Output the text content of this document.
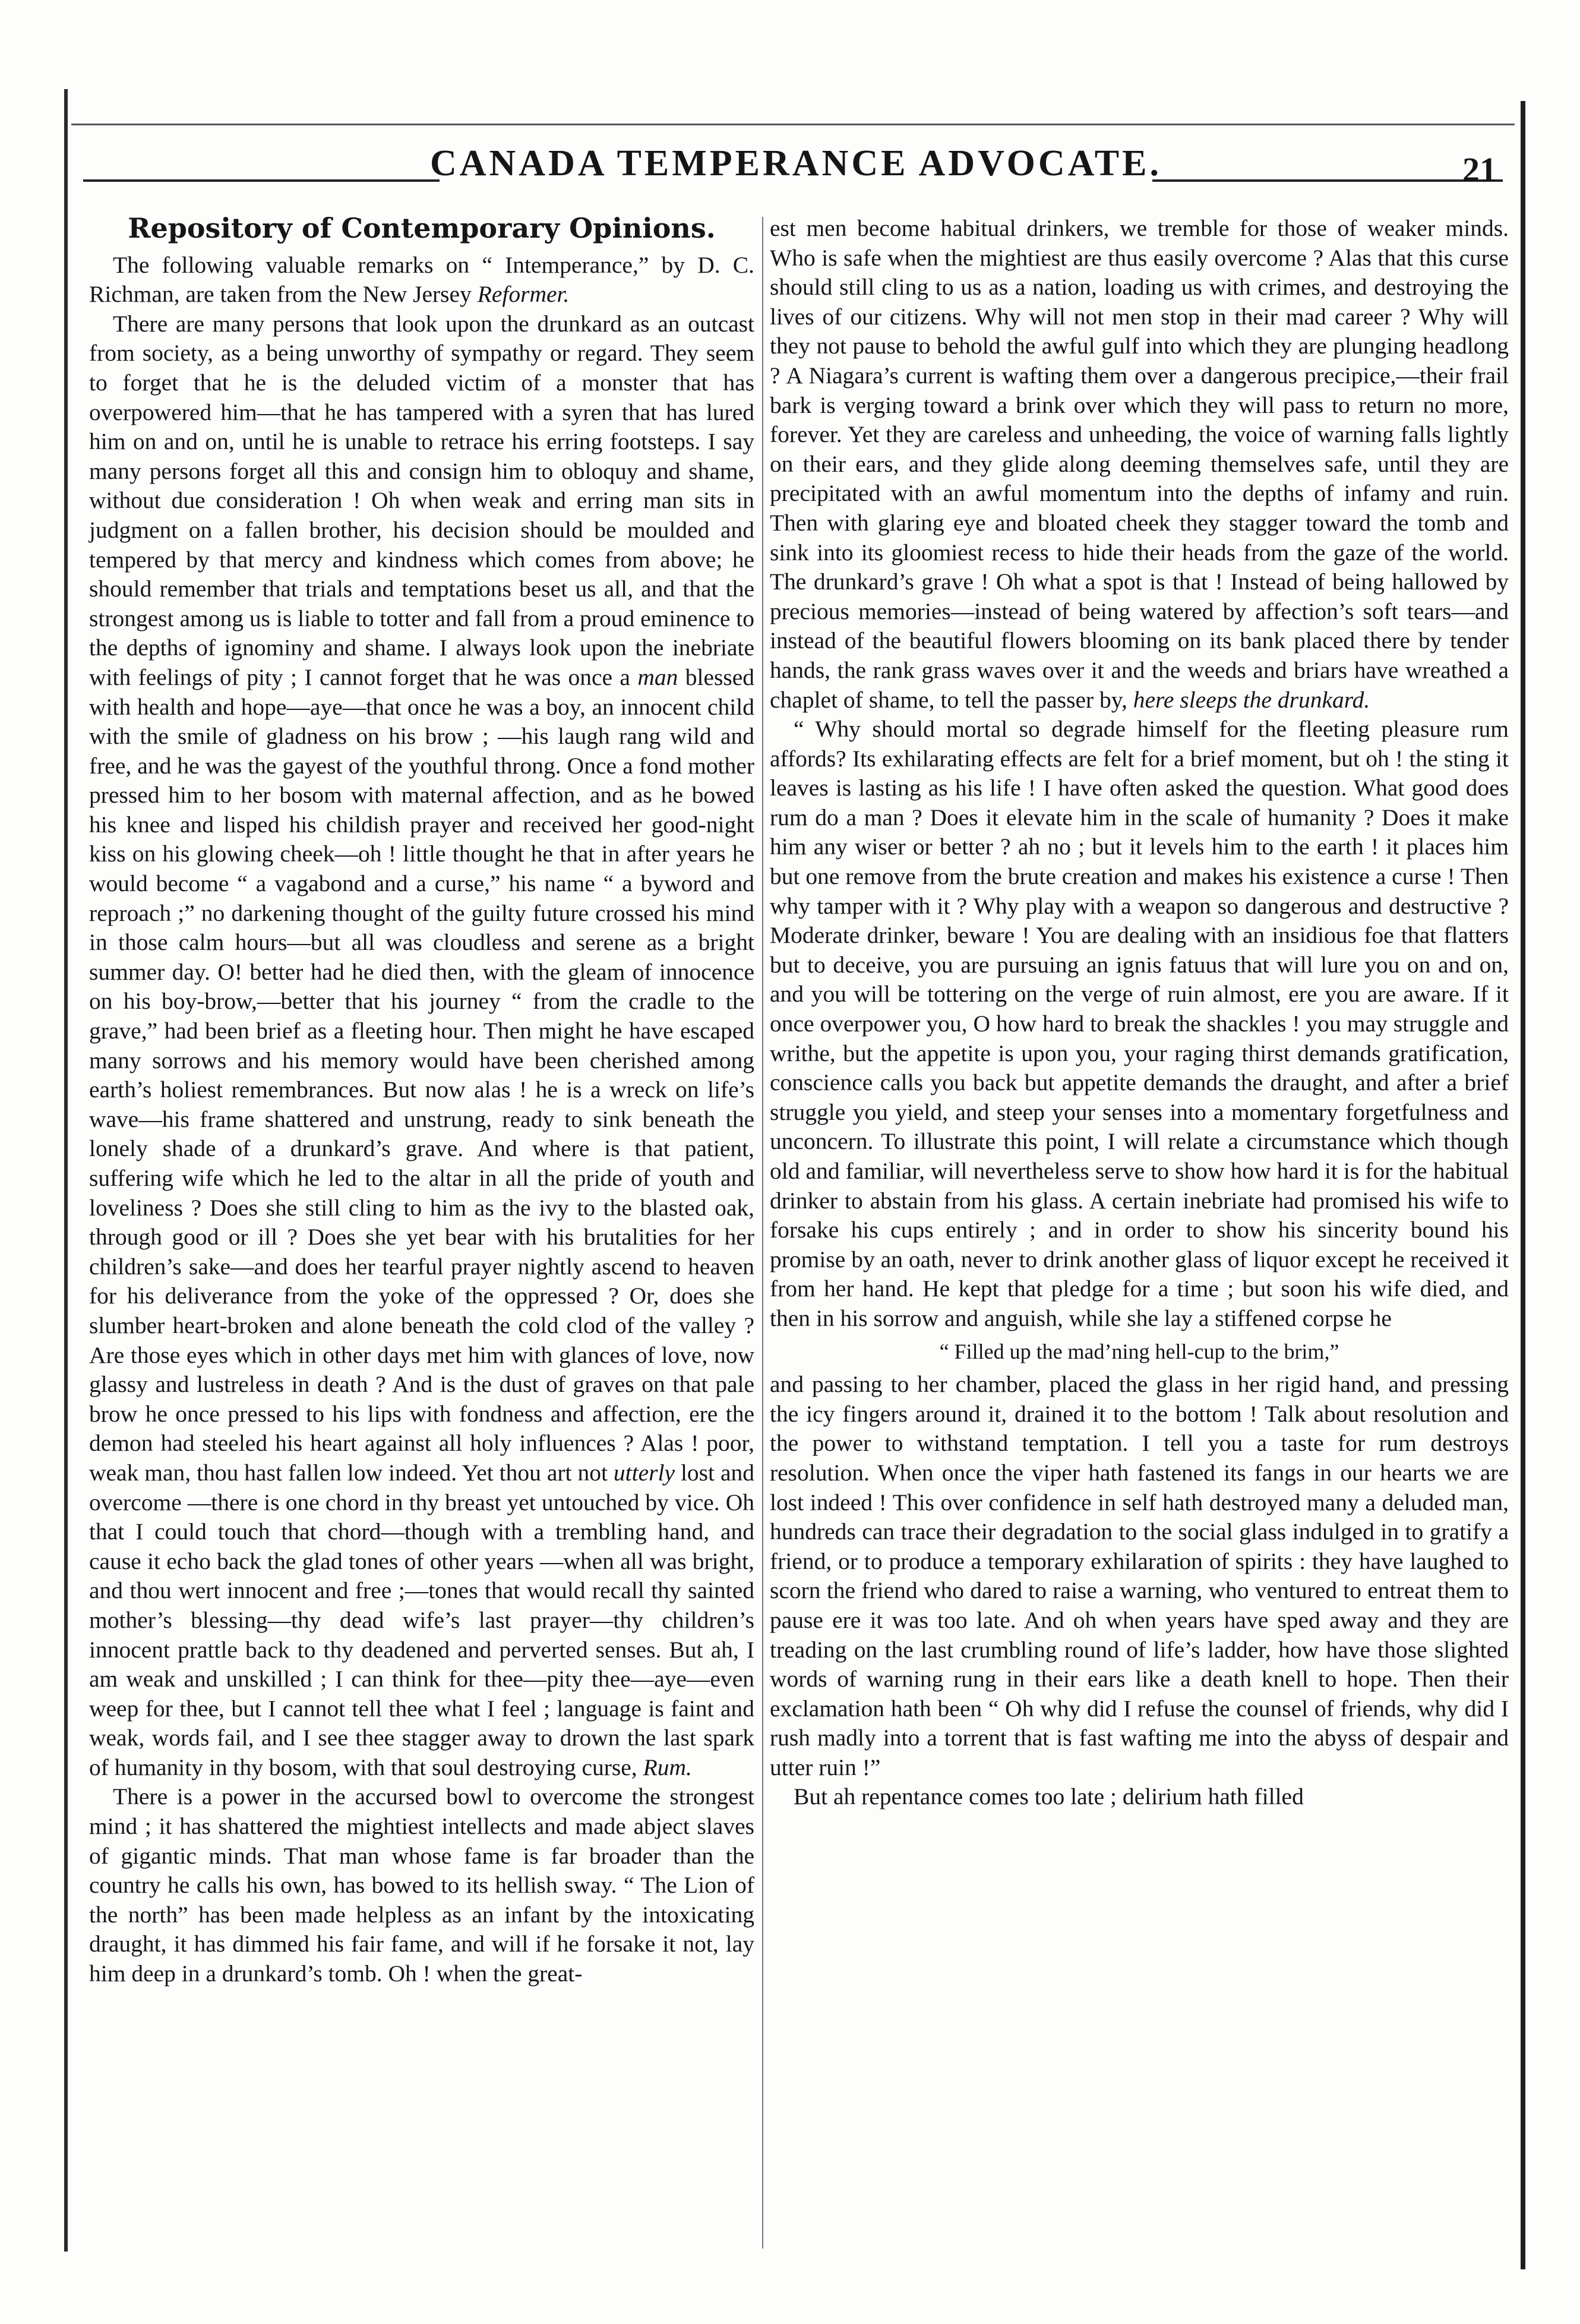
CANADA TEMPERANCE ADVOCATE.	21
Repository of Contemporary Opinions.

The following valuable remarks on “ Intemperance,” by D. C. Richman, are taken from the New Jersey Reformer.

There are many persons that look upon the drunkard as an outcast from society, as a being unworthy of sympathy or regard. They seem to forget that he is the deluded victim of a monster that has overpowered him—that he has tampered with a syren that has lured him on and on, until he is unable to retrace his erring footsteps. I say many persons forget all this and consign him to obloquy and shame, without due consideration ! Oh when weak and erring man sits in judgment on a fallen brother, his decision should be moulded and tempered by that mercy and kindness which comes from above; he should remember that trials and temptations beset us all, and that the strongest among us is liable to totter and fall from a proud eminence to the depths of ignominy and shame. I always look upon the inebriate with feelings of pity ; I cannot forget that he was once a man blessed with health and hope—aye—that once he was a boy, an innocent child with the smile of gladness on his brow ; —his laugh rang wild and free, and he was the gayest of the youthful throng. Once a fond mother pressed him to her bosom with maternal affection, and as he bowed his knee and lisped his childish prayer and received her good-night kiss on his glowing cheek—oh ! little thought he that in after years he would become “ a vagabond and a curse,” his name “ a byword and reproach ;” no darkening thought of the guilty future crossed his mind in those calm hours—but all was cloudless and serene as a bright summer day. O! better had he died then, with the gleam of innocence on his boy-brow,—better that his journey “ from the cradle to the grave,” had been brief as a fleeting hour. Then might he have escaped many sorrows and his memory would have been cherished among earth’s holiest remembrances. But now alas ! he is a wreck on life’s wave—his frame shattered and unstrung, ready to sink beneath the lonely shade of a drunkard’s grave. And where is that patient, suffering wife which he led to the altar in all the pride of youth and loveliness ? Does she still cling to him as the ivy to the blasted oak, through good or ill ? Does she yet bear with his brutalities for her children’s sake—and does her tearful prayer nightly ascend to heaven for his deliverance from the yoke of the oppressed ? Or, does she slumber heart-broken and alone beneath the cold clod of the valley ? Are those eyes which in other days met him with glances of love, now glassy and lustreless in death ? And is the dust of graves on that pale brow he once pressed to his lips with fondness and affection, ere the demon had steeled his heart against all holy influences ? Alas ! poor, weak man, thou hast fallen low indeed. Yet thou art not utterly lost and overcome —there is one chord in thy breast yet untouched by vice. Oh that I could touch that chord—though with a trembling hand, and cause it echo back the glad tones of other years —when all was bright, and thou wert innocent and free ;—tones that would recall thy sainted mother’s blessing—thy dead wife’s last prayer—thy children’s innocent prattle back to thy deadened and perverted senses. But ah, I am weak and unskilled ; I can think for thee—pity thee—aye—even weep for thee, but I cannot tell thee what I feel ; language is faint and weak, words fail, and I see thee stagger away to drown the last spark of humanity in thy bosom, with that soul destroying curse, Rum.

There is a power in the accursed bowl to overcome the strongest mind ; it has shattered the mightiest intellects and made abject slaves of gigantic minds. That man whose fame is far broader than the country he calls his own, has bowed to its hellish sway. “ The Lion of the north” has been made helpless as an infant by the intoxicating draught, it has dimmed his fair fame, and will if he forsake it not, lay him deep in a drunkard’s tomb. Oh ! when the great-

est men become habitual drinkers, we tremble for those of weaker minds. Who is safe when the mightiest are thus easily overcome ? Alas that this curse should still cling to us as a nation, loading us with crimes, and destroying the lives of our citizens. Why will not men stop in their mad career ? Why will they not pause to behold the awful gulf into which they are plunging headlong ? A Niagara’s current is wafting them over a dangerous precipice,—their frail bark is verging toward a brink over which they will pass to return no more, forever. Yet they are careless and unheeding, the voice of warning falls lightly on their ears, and they glide along deeming themselves safe, until they are precipitated with an awful momentum into the depths of infamy and ruin. Then with glaring eye and bloated cheek they stagger toward the tomb and sink into its gloomiest recess to hide their heads from the gaze of the world. The drunkard’s grave ! Oh what a spot is that ! Instead of being hallowed by precious memories—instead of being watered by affection’s soft tears—and instead of the beautiful flowers blooming on its bank placed there by tender hands, the rank grass waves over it and the weeds and briars have wreathed a chaplet of shame, to tell the passer by, here sleeps the drunkard.

“ Why should mortal so degrade himself for the fleeting pleasure rum affords? Its exhilarating effects are felt for a brief moment, but oh ! the sting it leaves is lasting as his life ! I have often asked the question. What good does rum do a man ? Does it elevate him in the scale of humanity ? Does it make him any wiser or better ? ah no ; but it levels him to the earth ! it places him but one remove from the brute creation and makes his existence a curse ! Then why tamper with it ? Why play with a weapon so dangerous and destructive ? Moderate drinker, beware ! You are dealing with an insidious foe that flatters but to deceive, you are pursuing an ignis fatuus that will lure you on and on, and you will be tottering on the verge of ruin almost, ere you are aware. If it once overpower you, O how hard to break the shackles ! you may struggle and writhe, but the appetite is upon you, your raging thirst demands gratification, conscience calls you back but appetite demands the draught, and after a brief struggle you yield, and steep your senses into a momentary forgetfulness and unconcern. To illustrate this point, I will relate a circumstance which though old and familiar, will nevertheless serve to show how hard it is for the habitual drinker to abstain from his glass. A certain inebriate had promised his wife to forsake his cups entirely ; and in order to show his sincerity bound his promise by an oath, never to drink another glass of liquor except he received it from her hand. He kept that pledge for a time ; but soon his wife died, and then in his sorrow and anguish, while she lay a stiffened corpse he

“ Filled up the mad’ning hell-cup to the brim,”

and passing to her chamber, placed the glass in her rigid hand, and pressing the icy fingers around it, drained it to the bottom ! Talk about resolution and the power to withstand temptation. I tell you a taste for rum destroys resolution. When once the viper hath fastened its fangs in our hearts we are lost indeed ! This over confidence in self hath destroyed many a deluded man, hundreds can trace their degradation to the social glass indulged in to gratify a friend, or to produce a temporary exhilaration of spirits : they have laughed to scorn the friend who dared to raise a warning, who ventured to entreat them to pause ere it was too late. And oh when years have sped away and they are treading on the last crumbling round of life’s ladder, how have those slighted words of warning rung in their ears like a death knell to hope. Then their exclamation hath been “ Oh why did I refuse the counsel of friends, why did I rush madly into a torrent that is fast wafting me into the abyss of despair and utter ruin !”

But ah repentance comes too late ; delirium hath filled
